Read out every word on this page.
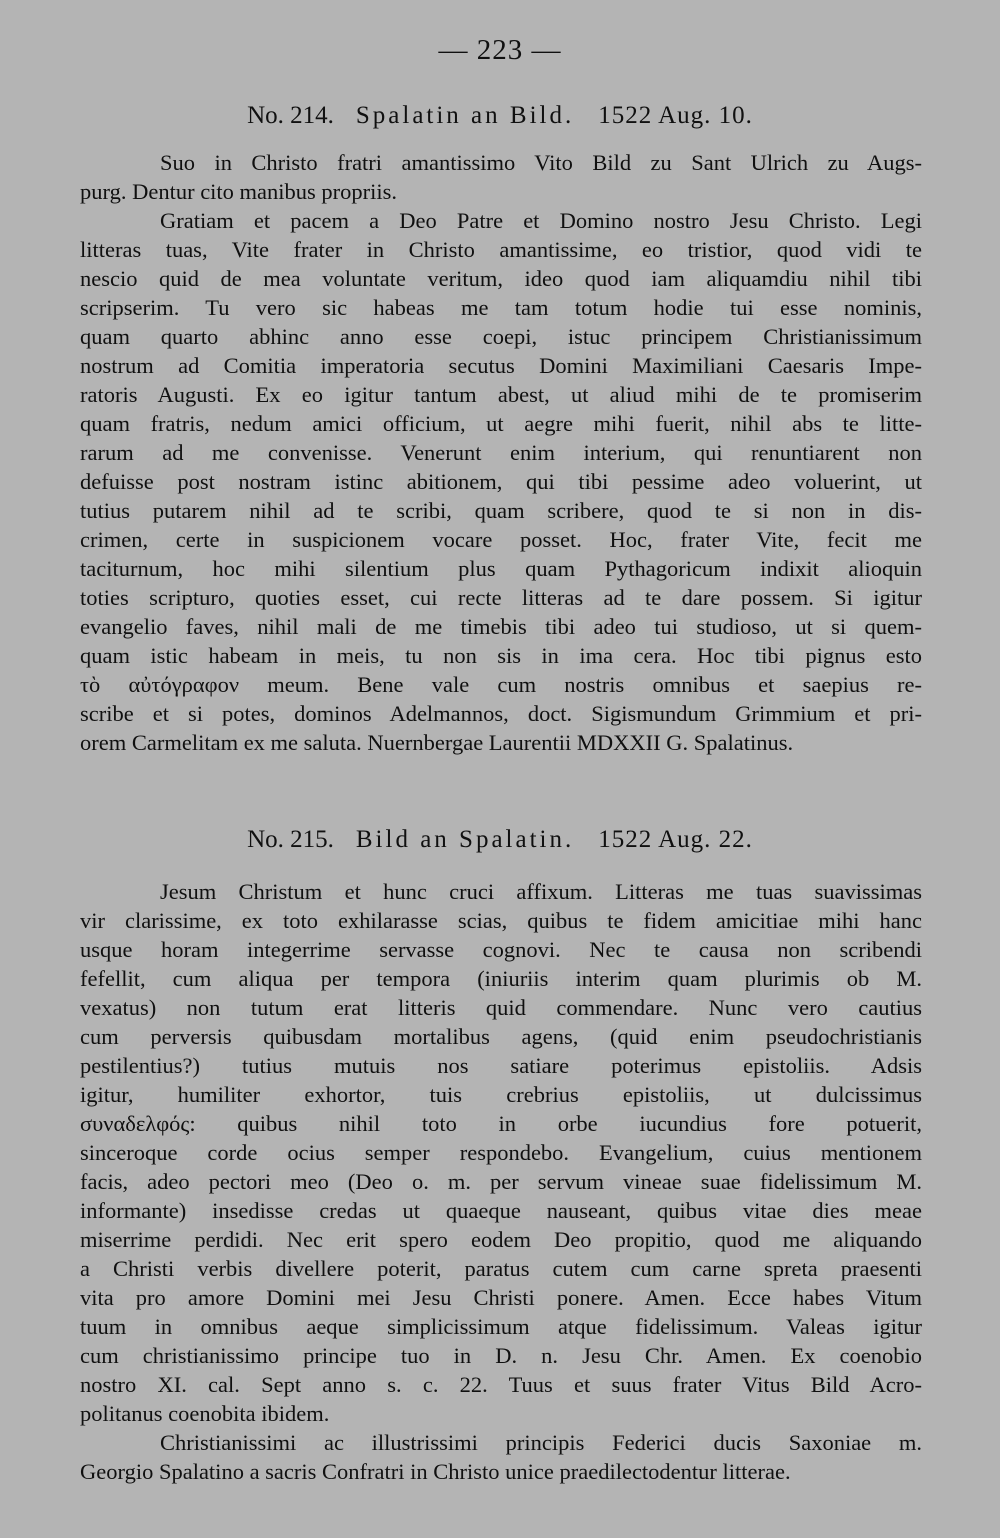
— 223 —
No. 214. Spalatin an Bild. 1522 Aug. 10.
Suo in Christo fratri amantissimo Vito Bild zu Sant Ulrich zu Augs-
purg. Dentur cito manibus propriis.
Gratiam et pacem a Deo Patre et Domino nostro Jesu Christo. Legi
litteras tuas, Vite frater in Christo amantissime, eo tristior, quod vidi te
nescio quid de mea voluntate veritum, ideo quod iam aliquamdiu nihil tibi
scripserim. Tu vero sic habeas me tam totum hodie tui esse nominis,
quam quarto abhinc anno esse coepi, istuc principem Christianissimum
nostrum ad Comitia imperatoria secutus Domini Maximiliani Caesaris Impe-
ratoris Augusti. Ex eo igitur tantum abest, ut aliud mihi de te promiserim
quam fratris, nedum amici officium, ut aegre mihi fuerit, nihil abs te litte-
rarum ad me convenisse. Venerunt enim interium, qui renuntiarent non
defuisse post nostram istinc abitionem, qui tibi pessime adeo voluerint, ut
tutius putarem nihil ad te scribi, quam scribere, quod te si non in dis-
crimen, certe in suspicionem vocare posset. Hoc, frater Vite, fecit me
taciturnum, hoc mihi silentium plus quam Pythagoricum indixit alioquin
toties scripturo, quoties esset, cui recte litteras ad te dare possem. Si igitur
evangelio faves, nihil mali de me timebis tibi adeo tui studioso, ut si quem-
quam istic habeam in meis, tu non sis in ima cera. Hoc tibi pignus esto
τὸ αὐτόγραφον meum. Bene vale cum nostris omnibus et saepius re-
scribe et si potes, dominos Adelmannos, doct. Sigismundum Grimmium et pri-
orem Carmelitam ex me saluta. Nuernbergae Laurentii MDXXII G. Spalatinus.
No. 215. Bild an Spalatin. 1522 Aug. 22.
Jesum Christum et hunc cruci affixum. Litteras me tuas suavissimas
vir clarissime, ex toto exhilarasse scias, quibus te fidem amicitiae mihi hanc
usque horam integerrime servasse cognovi. Nec te causa non scribendi
fefellit, cum aliqua per tempora (iniuriis interim quam plurimis ob M.
vexatus) non tutum erat litteris quid commendare. Nunc vero cautius
cum perversis quibusdam mortalibus agens, (quid enim pseudochristianis
pestilentius?) tutius mutuis nos satiare poterimus epistoliis. Adsis
igitur, humiliter exhortor, tuis crebrius epistoliis, ut dulcissimus
συναδελφός: quibus nihil toto in orbe iucundius fore potuerit,
sinceroque corde ocius semper respondebo. Evangelium, cuius mentionem
facis, adeo pectori meo (Deo o. m. per servum vineae suae fidelissimum M.
informante) insedisse credas ut quaeque nauseant, quibus vitae dies meae
miserrime perdidi. Nec erit spero eodem Deo propitio, quod me aliquando
a Christi verbis divellere poterit, paratus cutem cum carne spreta praesenti
vita pro amore Domini mei Jesu Christi ponere. Amen. Ecce habes Vitum
tuum in omnibus aeque simplicissimum atque fidelissimum. Valeas igitur
cum christianissimo principe tuo in D. n. Jesu Chr. Amen. Ex coenobio
nostro XI. cal. Sept anno s. c. 22. Tuus et suus frater Vitus Bild Acro-
politanus coenobita ibidem.
Christianissimi ac illustrissimi principis Federici ducis Saxoniae m.
Georgio Spalatino a sacris Confratri in Christo unice praedilectodentur litterae.
